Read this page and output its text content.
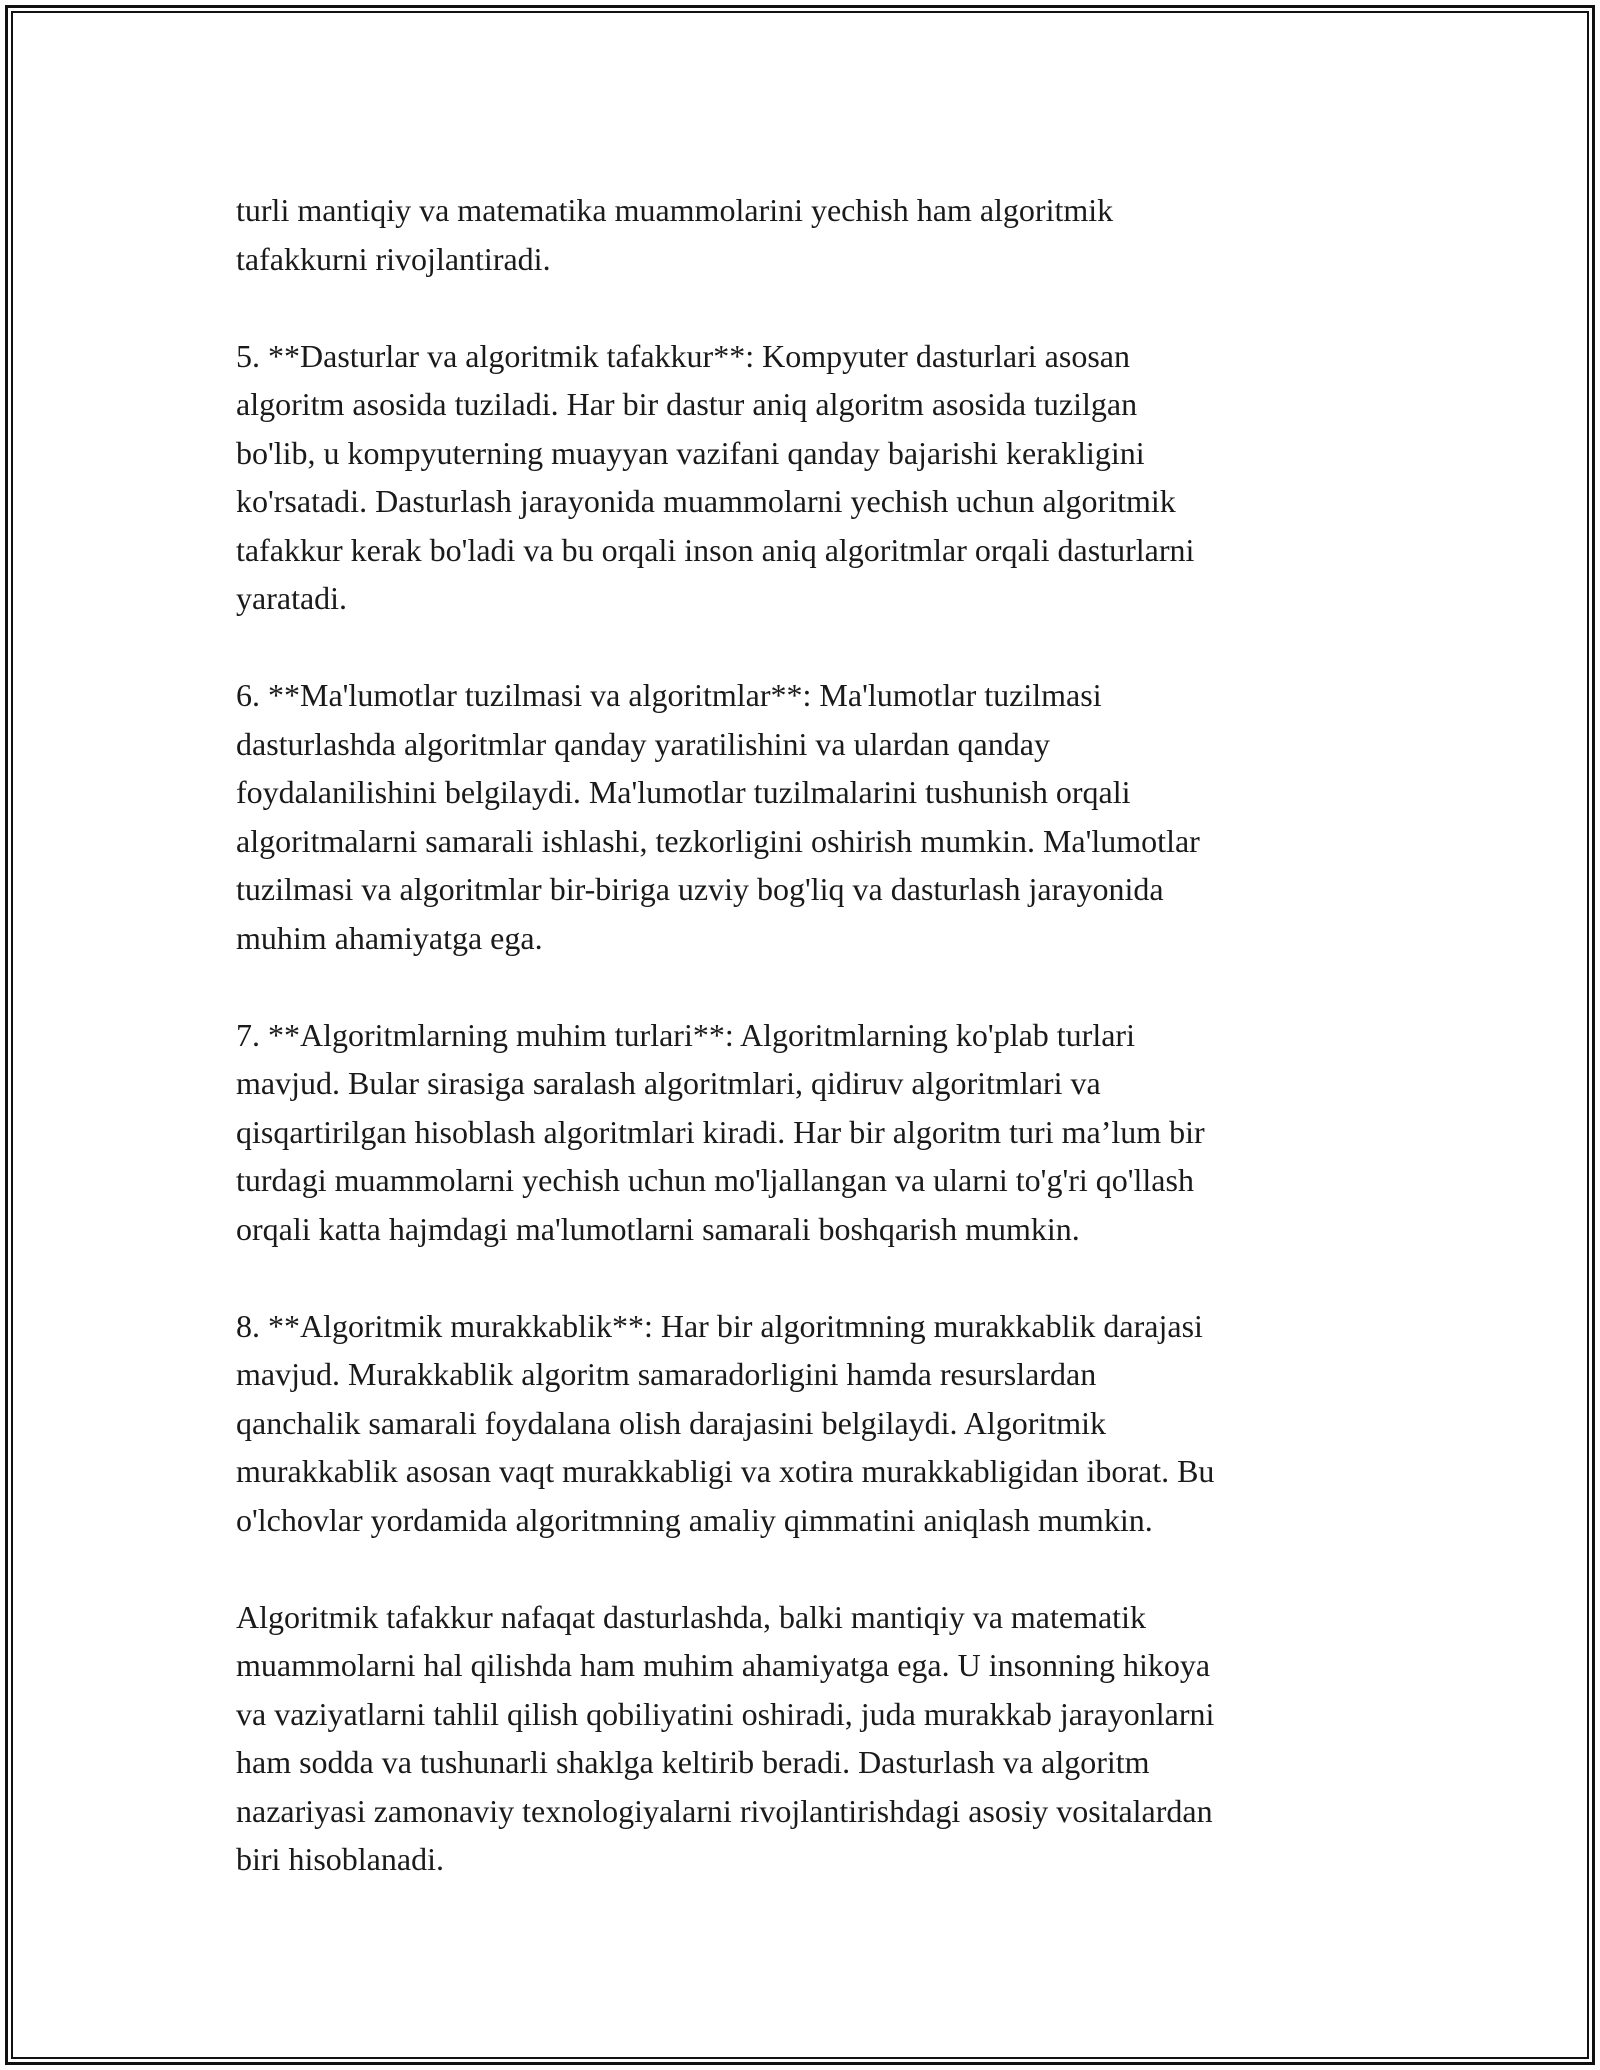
turli mantiqiy va matematika muammolarini yechish ham algoritmik
tafakkurni rivojlantiradi.

5. **Dasturlar va algoritmik tafakkur**: Kompyuter dasturlari asosan
algoritm asosida tuziladi. Har bir dastur aniq algoritm asosida tuzilgan
bo'lib, u kompyuterning muayyan vazifani qanday bajarishi kerakligini
ko'rsatadi. Dasturlash jarayonida muammolarni yechish uchun algoritmik
tafakkur kerak bo'ladi va bu orqali inson aniq algoritmlar orqali dasturlarni
yaratadi.

6. **Ma'lumotlar tuzilmasi va algoritmlar**: Ma'lumotlar tuzilmasi
dasturlashda algoritmlar qanday yaratilishini va ulardan qanday
foydalanilishini belgilaydi. Ma'lumotlar tuzilmalarini tushunish orqali
algoritmalarni samarali ishlashi, tezkorligini oshirish mumkin. Ma'lumotlar
tuzilmasi va algoritmlar bir-biriga uzviy bog'liq va dasturlash jarayonida
muhim ahamiyatga ega.

7. **Algoritmlarning muhim turlari**: Algoritmlarning ko'plab turlari
mavjud. Bular sirasiga saralash algoritmlari, qidiruv algoritmlari va
qisqartirilgan hisoblash algoritmlari kiradi. Har bir algoritm turi ma’lum bir
turdagi muammolarni yechish uchun mo'ljallangan va ularni to'g'ri qo'llash
orqali katta hajmdagi ma'lumotlarni samarali boshqarish mumkin.

8. **Algoritmik murakkablik**: Har bir algoritmning murakkablik darajasi
mavjud. Murakkablik algoritm samaradorligini hamda resurslardan
qanchalik samarali foydalana olish darajasini belgilaydi. Algoritmik
murakkablik asosan vaqt murakkabligi va xotira murakkabligidan iborat. Bu
o'lchovlar yordamida algoritmning amaliy qimmatini aniqlash mumkin.

Algoritmik tafakkur nafaqat dasturlashda, balki mantiqiy va matematik
muammolarni hal qilishda ham muhim ahamiyatga ega. U insonning hikoya
va vaziyatlarni tahlil qilish qobiliyatini oshiradi, juda murakkab jarayonlarni
ham sodda va tushunarli shaklga keltirib beradi. Dasturlash va algoritm
nazariyasi zamonaviy texnologiyalarni rivojlantirishdagi asosiy vositalardan
biri hisoblanadi.
